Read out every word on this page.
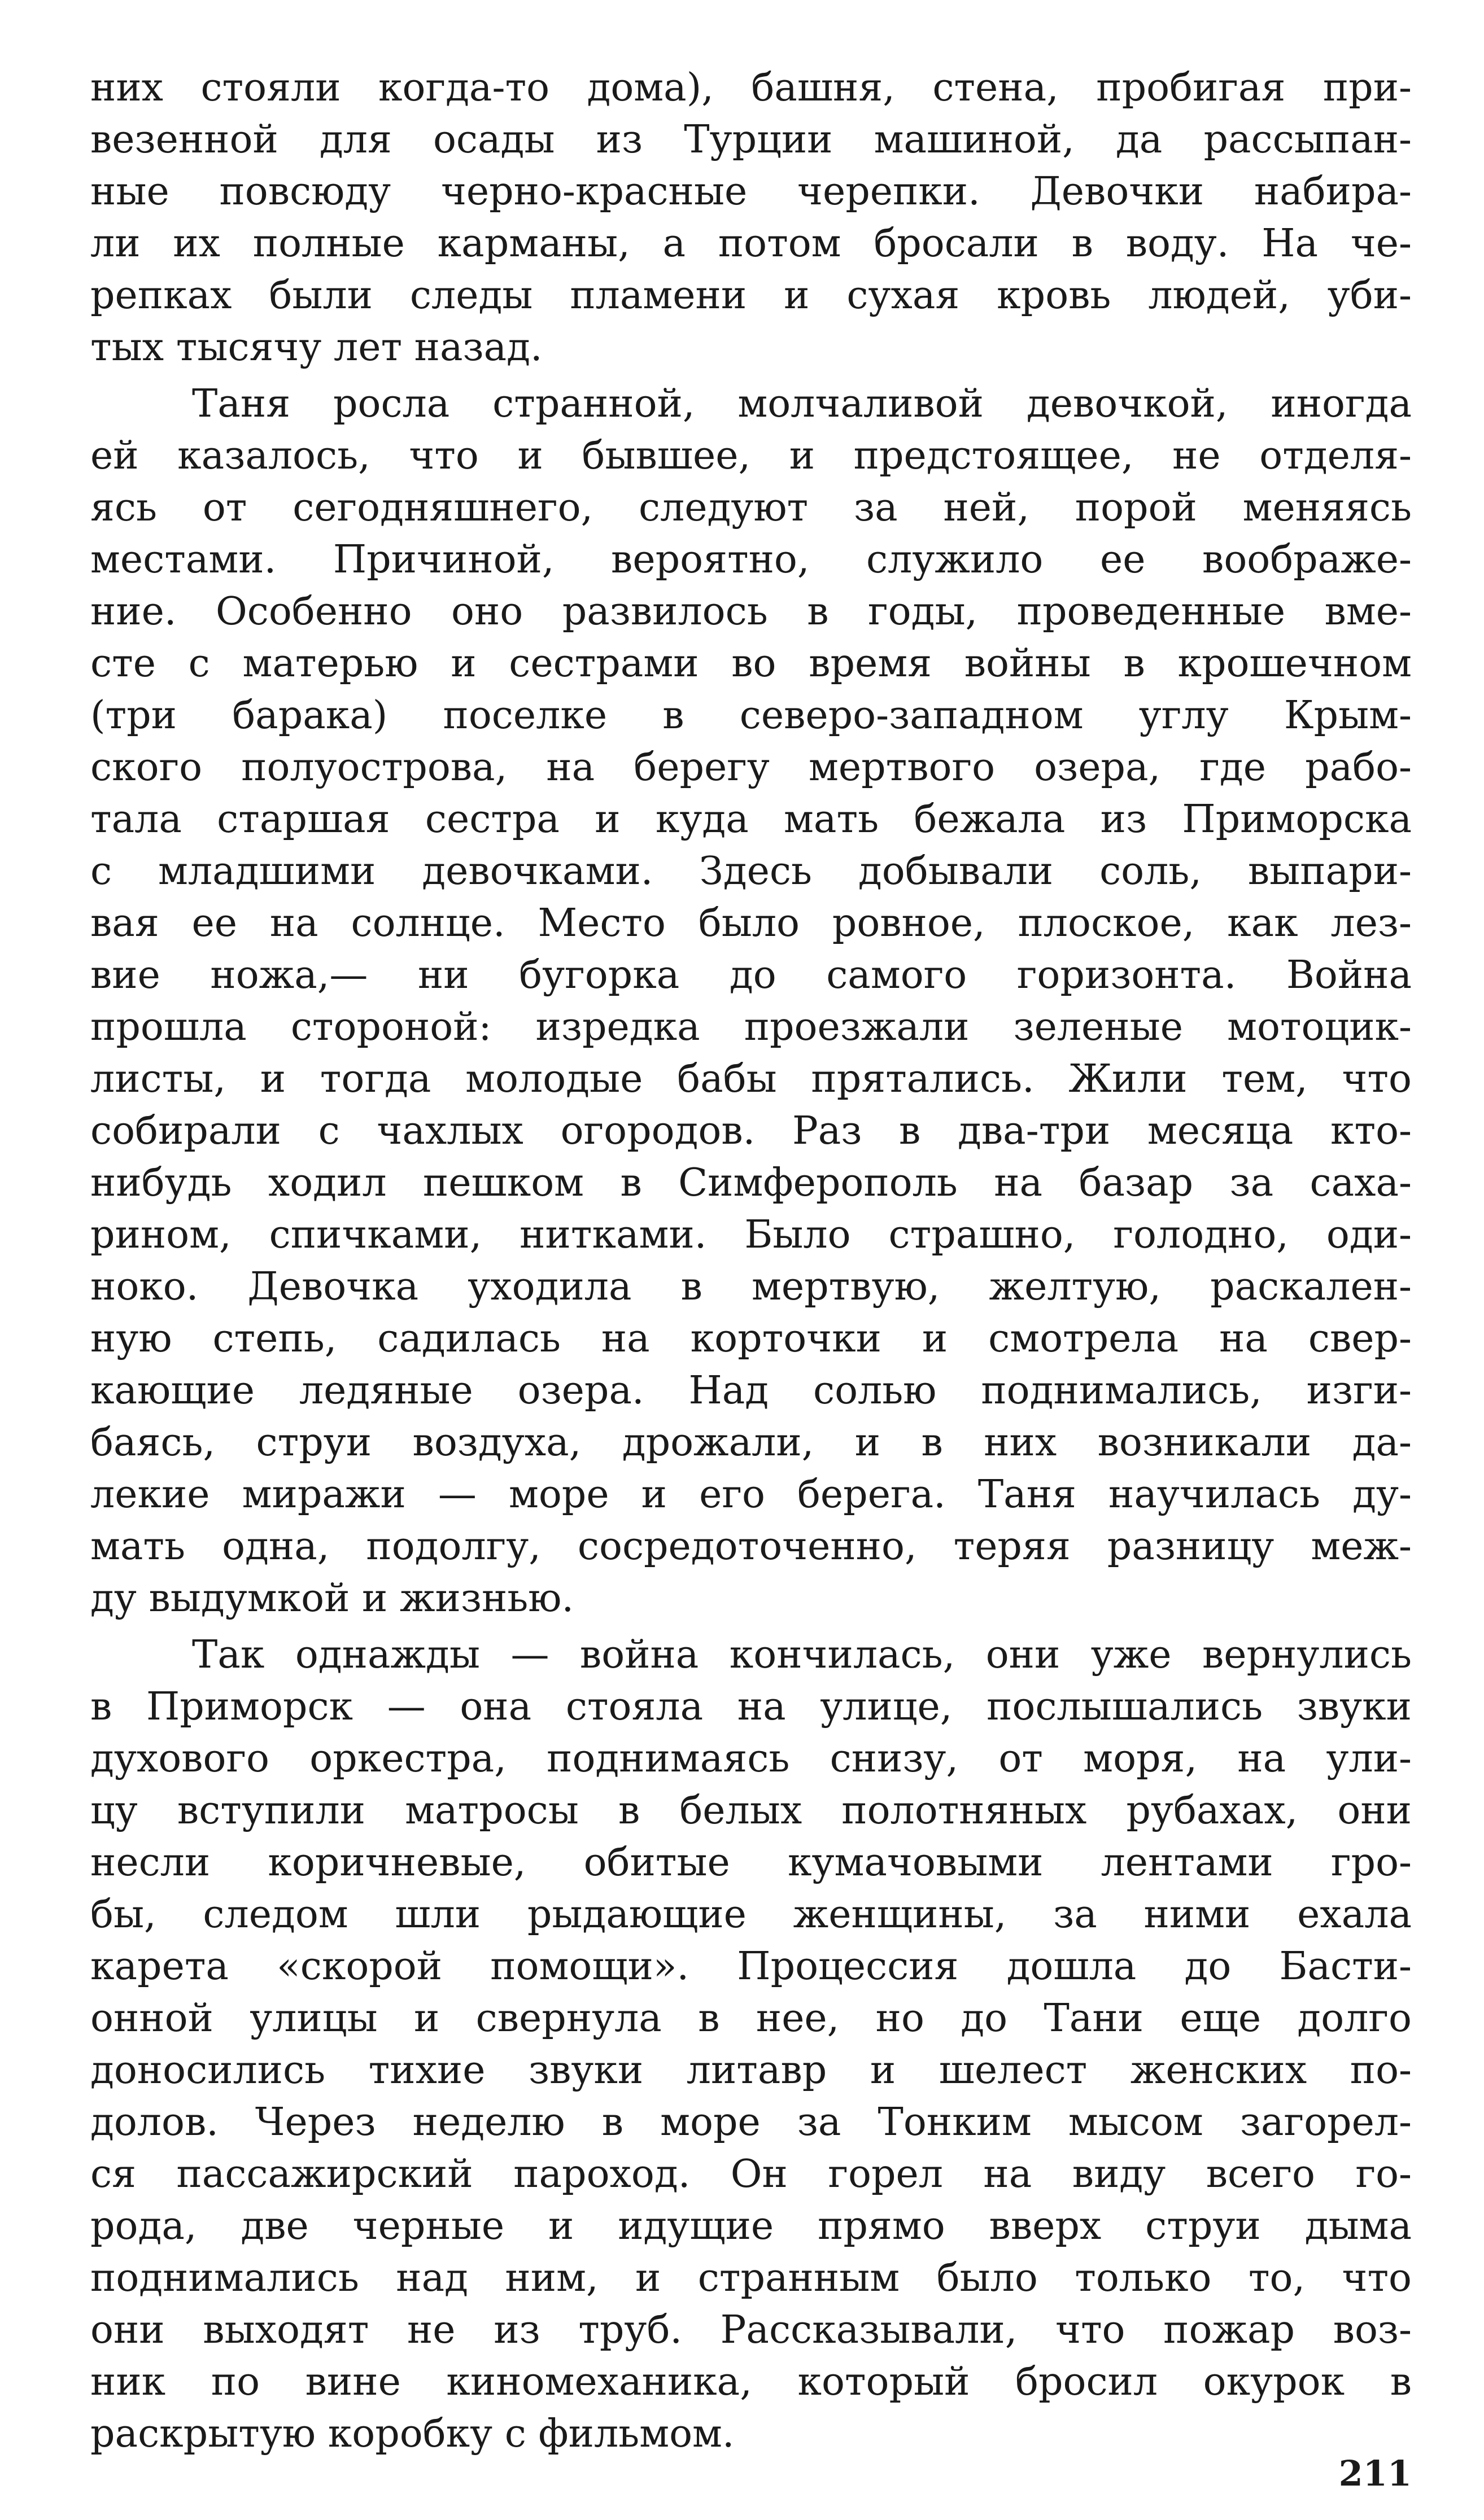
них стояли когда-то дома), башня, стена, пробигая при-
везенной для осады из Турции машиной, да рассыпан-
ные повсюду черно-красные черепки. Девочки набира-
ли их полные карманы, а потом бросали в воду. На че-
репках были следы пламени и сухая кровь людей, уби-
тых тысячу лет назад.
Таня росла странной, молчаливой девочкой, иногда
ей казалось, что и бывшее, и предстоящее, не отделя-
ясь от сегодняшнего, следуют за ней, порой меняясь
местами. Причиной, вероятно, служило ее воображе-
ние. Особенно оно развилось в годы, проведенные вме-
сте с матерью и сестрами во время войны в крошечном
(три барака) поселке в северо-западном углу Крым-
ского полуострова, на берегу мертвого озера, где рабо-
тала старшая сестра и куда мать бежала из Приморска
с младшими девочками. Здесь добывали соль, выпари-
вая ее на солнце. Место было ровное, плоское, как лез-
вие ножа,— ни бугорка до самого горизонта. Война
прошла стороной: изредка проезжали зеленые мотоцик-
листы, и тогда молодые бабы прятались. Жили тем, что
собирали с чахлых огородов. Раз в два-три месяца кто-
нибудь ходил пешком в Симферополь на базар за саха-
рином, спичками, нитками. Было страшно, голодно, оди-
ноко. Девочка уходила в мертвую, желтую, раскален-
ную степь, садилась на корточки и смотрела на свер-
кающие ледяные озера. Над солью поднимались, изги-
баясь, струи воздуха, дрожали, и в них возникали да-
лекие миражи — море и его берега. Таня научилась ду-
мать одна, подолгу, сосредоточенно, теряя разницу меж-
ду выдумкой и жизнью.
Так однажды — война кончилась, они уже вернулись
в Приморск — она стояла на улице, послышались звуки
духового оркестра, поднимаясь снизу, от моря, на ули-
цу вступили матросы в белых полотняных рубахах, они
несли коричневые, обитые кумачовыми лентами гро-
бы, следом шли рыдающие женщины, за ними ехала
карета «скорой помощи». Процессия дошла до Басти-
онной улицы и свернула в нее, но до Тани еще долго
доносились тихие звуки литавр и шелест женских по-
долов. Через неделю в море за Тонким мысом загорел-
ся пассажирский пароход. Он горел на виду всего го-
рода, две черные и идущие прямо вверх струи дыма
поднимались над ним, и странным было только то, что
они выходят не из труб. Рассказывали, что пожар воз-
ник по вине киномеханика, который бросил окурок в
раскрытую коробку с фильмом.
211
